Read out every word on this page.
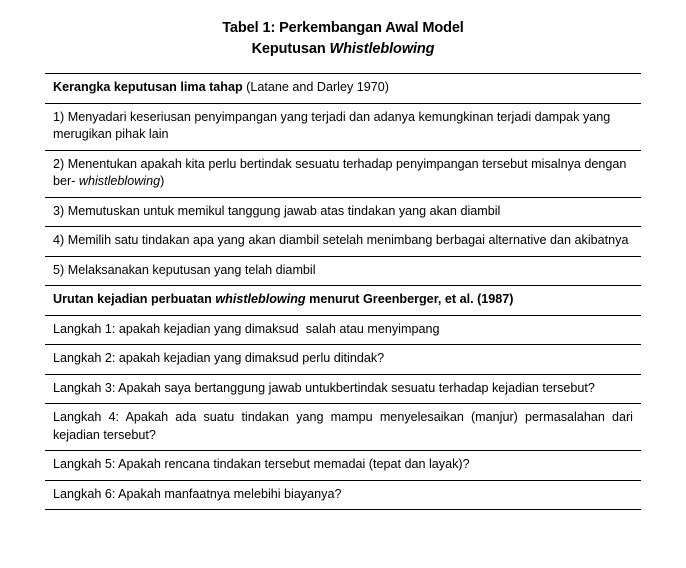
Tabel 1: Perkembangan Awal Model
Keputusan Whistleblowing
Kerangka keputusan lima tahap (Latane and Darley 1970)
1) Menyadari keseriusan penyimpangan yang terjadi dan adanya kemungkinan terjadi dampak yang merugikan pihak lain
2) Menentukan apakah kita perlu bertindak sesuatu terhadap penyimpangan tersebut misalnya dengan ber- whistleblowing)
3) Memutuskan untuk memikul tanggung jawab atas tindakan yang akan diambil
4) Memilih satu tindakan apa yang akan diambil setelah menimbang berbagai alternative dan akibatnya
5) Melaksanakan keputusan yang telah diambil
Urutan kejadian perbuatan whistleblowing menurut Greenberger, et al. (1987)
Langkah 1: apakah kejadian yang dimaksud  salah atau menyimpang
Langkah 2: apakah kejadian yang dimaksud perlu ditindak?
Langkah 3: Apakah saya bertanggung jawab untukbertindak sesuatu terhadap kejadian tersebut?
Langkah 4: Apakah ada suatu tindakan yang mampu menyelesaikan (manjur) permasalahan dari kejadian tersebut?
Langkah 5: Apakah rencana tindakan tersebut memadai (tepat dan layak)?
Langkah 6: Apakah manfaatnya melebihi biayanya?
